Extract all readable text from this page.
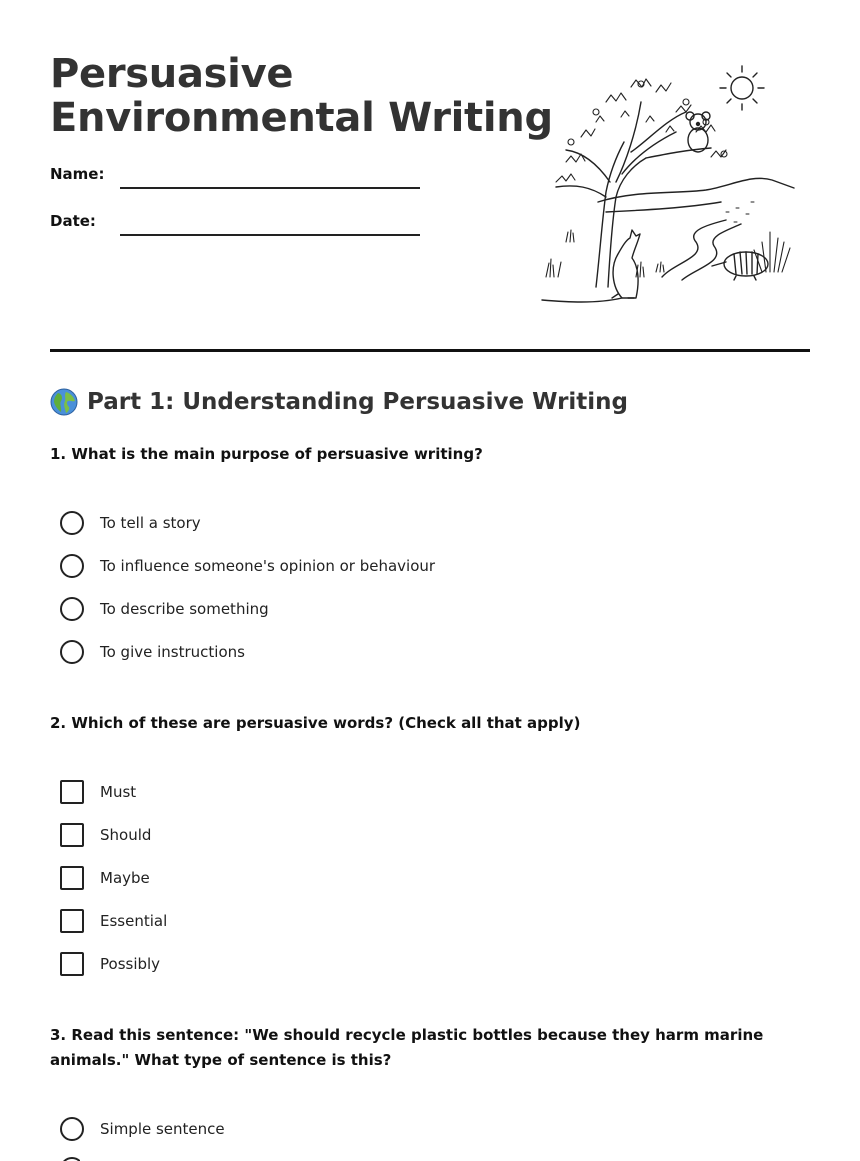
Persuasive
Environmental Writing
Name:
Date:
Part 1: Understanding Persuasive Writing
1. What is the main purpose of persuasive writing?
To tell a story
To influence someone's opinion or behaviour
To describe something
To give instructions
2. Which of these are persuasive words? (Check all that apply)
Must
Should
Maybe
Essential
Possibly
3. Read this sentence: "We should recycle plastic bottles because they harm marine animals." What type of sentence is this?
Simple sentence
